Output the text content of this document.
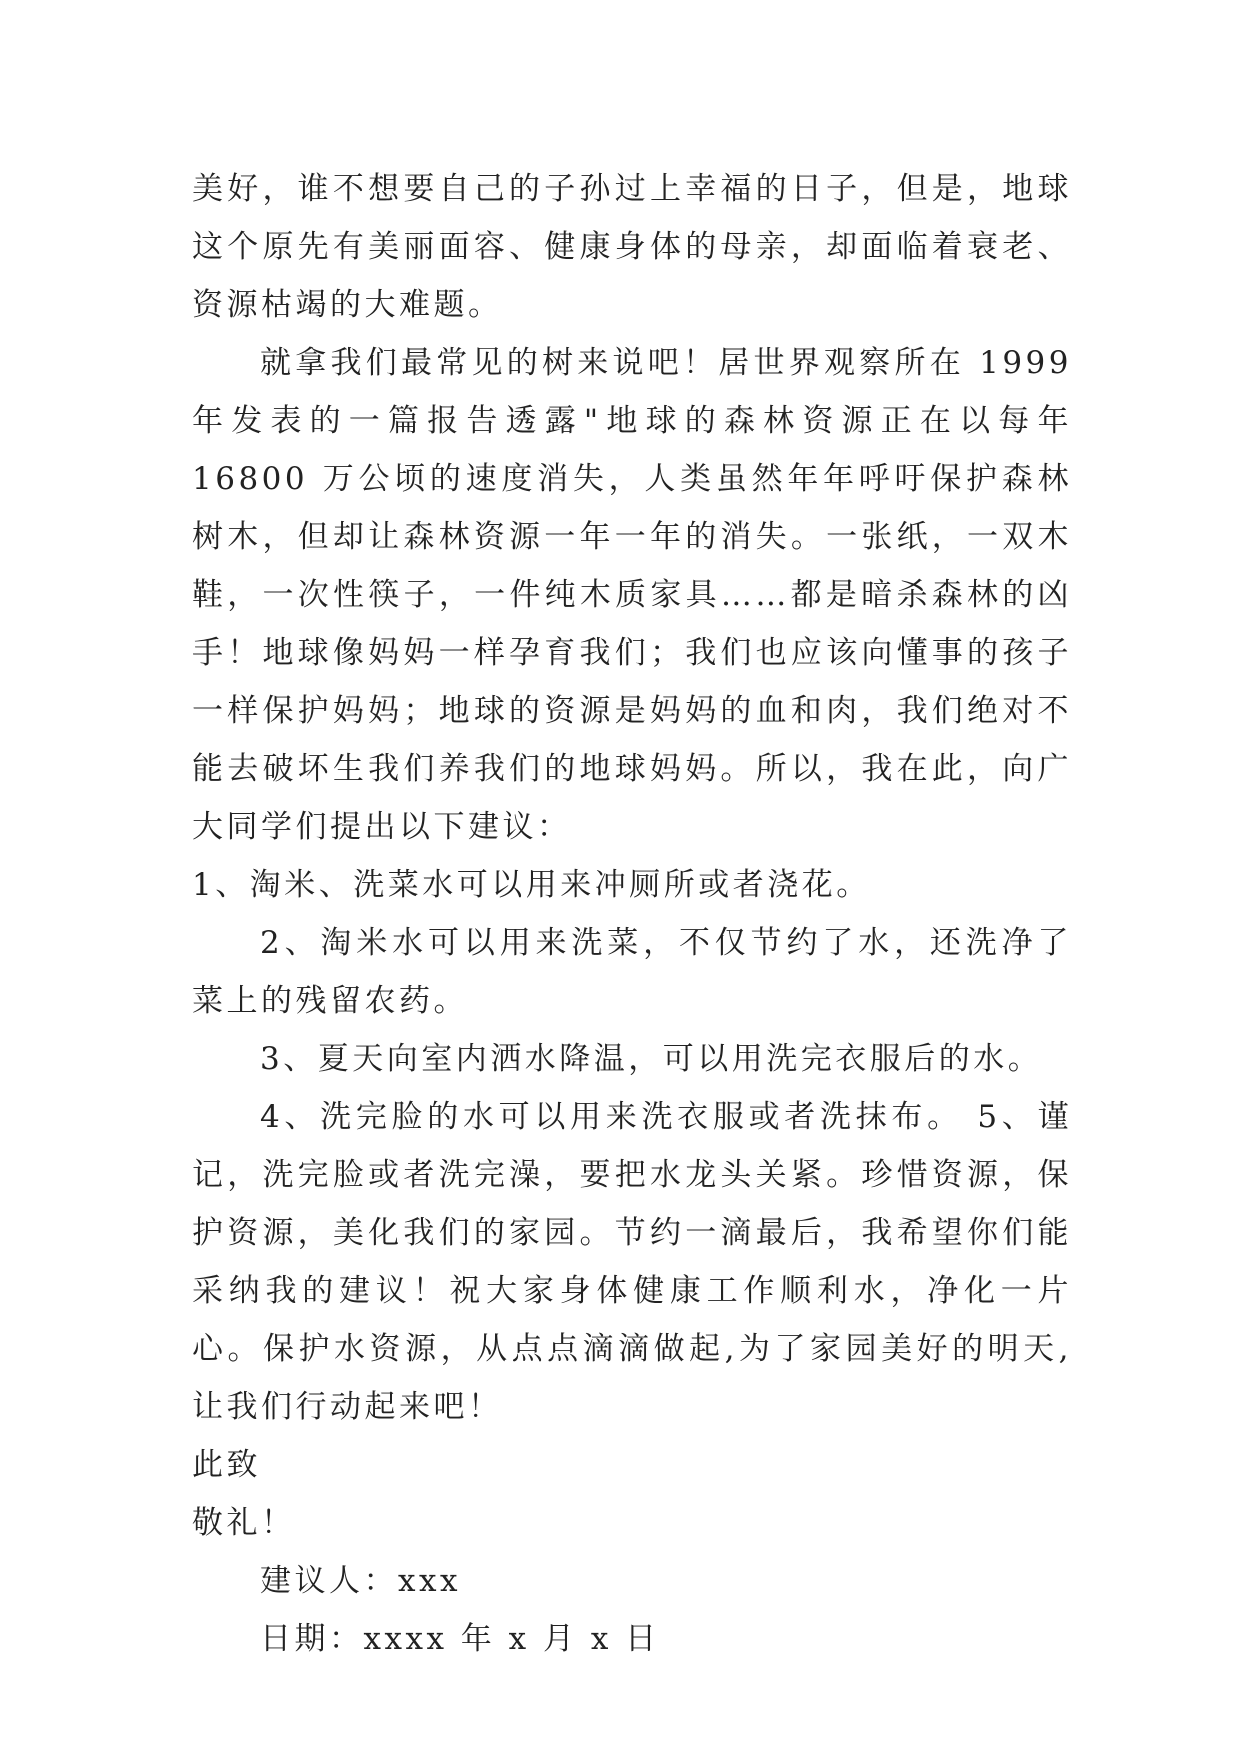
美好，谁不想要自己的子孙过上幸福的日子，但是，地球这个原先有美丽面容、健康身体的母亲，却面临着衰老、资源枯竭的大难题。

就拿我们最常见的树来说吧！居世界观察所在 1999 年发表的一篇报告透露"地球的森林资源正在以每年 16800 万公顷的速度消失，人类虽然年年呼吁保护森林树木，但却让森林资源一年一年的消失。一张纸，一双木鞋，一次性筷子，一件纯木质家具……都是暗杀森林的凶手！地球像妈妈一样孕育我们；我们也应该向懂事的孩子一样保护妈妈；地球的资源是妈妈的血和肉，我们绝对不能去破坏生我们养我们的地球妈妈。所以，我在此，向广大同学们提出以下建议：

1、淘米、洗菜水可以用来冲厕所或者浇花。

2、淘米水可以用来洗菜，不仅节约了水，还洗净了菜上的残留农药。

3、夏天向室内洒水降温，可以用洗完衣服后的水。

4、洗完脸的水可以用来洗衣服或者洗抹布。 5、谨记，洗完脸或者洗完澡，要把水龙头关紧。珍惜资源，保护资源，美化我们的家园。节约一滴最后，我希望你们能采纳我的建议！祝大家身体健康工作顺利水，净化一片心。保护水资源，从点点滴滴做起,为了家园美好的明天,让我们行动起来吧！

此致

敬礼！

建议人：xxx

日期：xxxx 年 x 月 x 日
